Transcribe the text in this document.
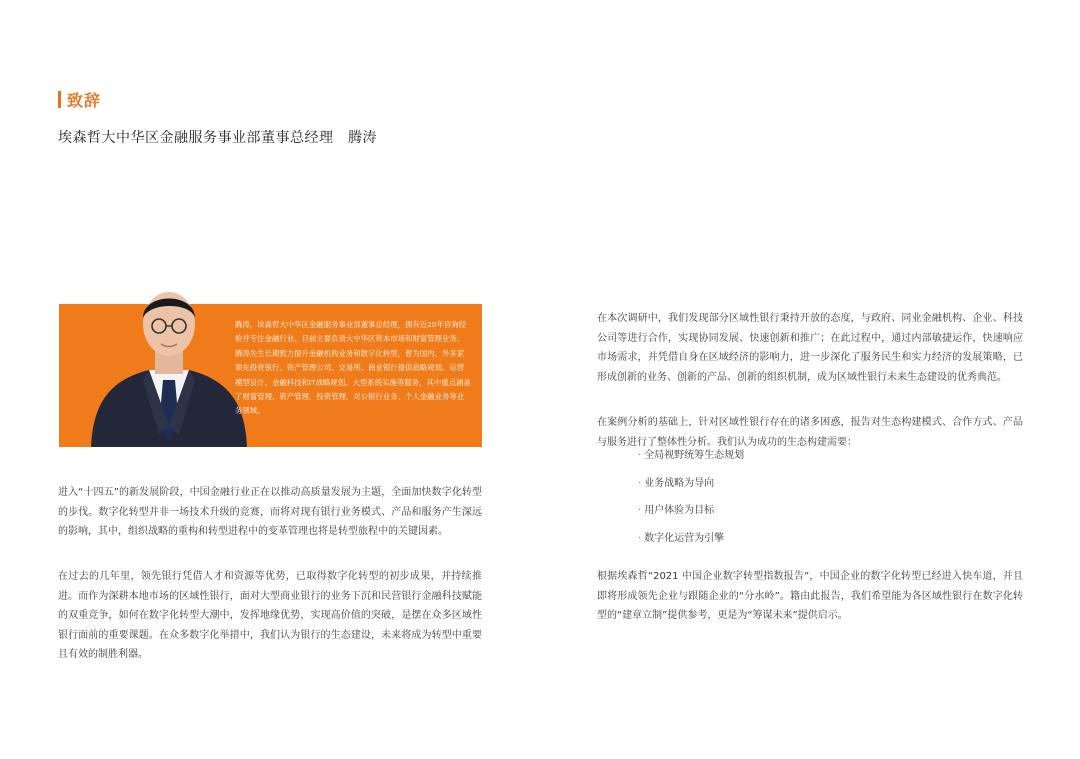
致辞
埃森哲大中华区金融服务事业部董事总经理　腾涛
腾涛，埃森哲大中华区金融服务事业部董事总经理，拥有近20年咨询经验并专注金融行业。目前主要负责大中华区资本市场和财富管理业务。腾涛先生长期致力提升金融机构业务和数字化转型，曾为国内、外多家领先投资银行、资产管理公司、交易所、商业银行提供战略规划、运营模型设计、金融科技和IT战略规划、大型系统实施等服务，其中重点涵盖了财富管理、资产管理、投资管理、对公银行业务、个人金融业务等业务领域。

进入“十四五”的新发展阶段，中国金融行业正在以推动高质量发展为主题，全面加快数字化转型的步伐。数字化转型并非一场技术升级的竞赛，而将对现有银行业务模式、产品和服务产生深远的影响，其中，组织战略的重构和转型进程中的变革管理也将是转型旅程中的关键因素。

在过去的几年里，领先银行凭借人才和资源等优势，已取得数字化转型的初步成果，并持续推进。而作为深耕本地市场的区域性银行，面对大型商业银行的业务下沉和民营银行金融科技赋能的双重竞争，如何在数字化转型大潮中，发挥地缘优势，实现高价值的突破，是摆在众多区域性银行面前的重要课题。在众多数字化举措中，我们认为银行的生态建设，未来将成为转型中重要且有效的制胜利器。

在本次调研中，我们发现部分区域性银行秉持开放的态度，与政府、同业金融机构、企业、科技公司等进行合作，实现协同发展、快速创新和推广；在此过程中，通过内部敏捷运作，快速响应市场需求，并凭借自身在区域经济的影响力，进一步深化了服务民生和实力经济的发展策略，已形成创新的业务、创新的产品、创新的组织机制，成为区域性银行未来生态建设的优秀典范。

在案例分析的基础上，针对区域性银行存在的诸多困惑，报告对生态构建模式、合作方式、产品与服务进行了整体性分析。我们认为成功的生态构建需要：

· 全局视野统筹生态规划
· 业务战略为导向
· 用户体验为目标
· 数字化运营为引擎

根据埃森哲“2021 中国企业数字转型指数报告”，中国企业的数字化转型已经进入快车道，并且即将形成领先企业与跟随企业的“分水岭”。籍由此报告，我们希望能为各区域性银行在数字化转型的“建章立制”提供参考，更是为“筹谋未来”提供启示。
